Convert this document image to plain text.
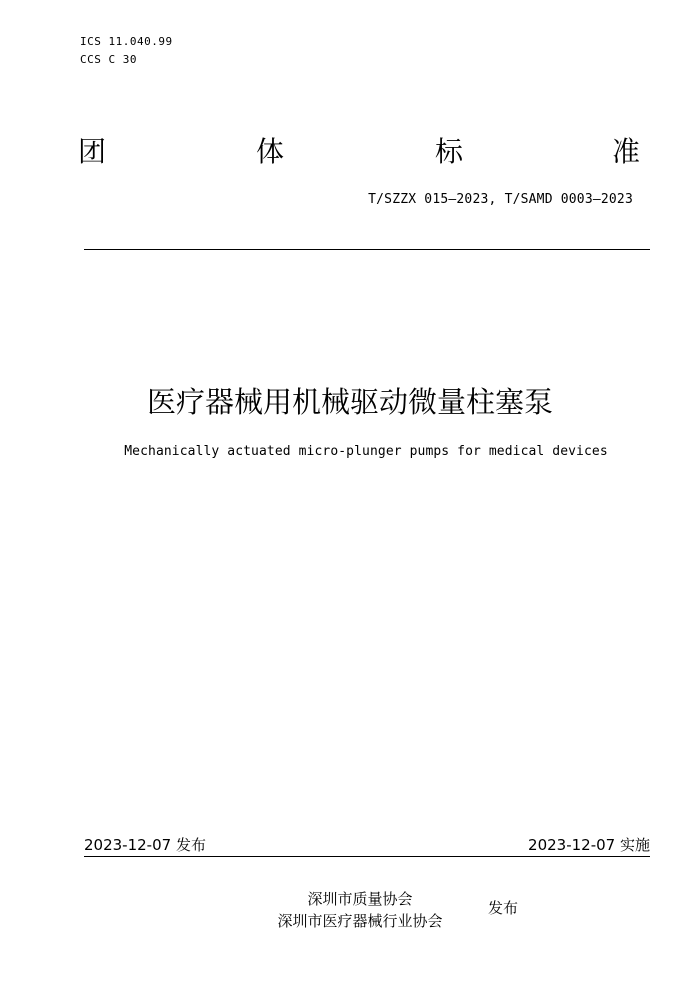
ICS 11.040.99
CCS C 30
团	体	标	准
T/SZZX 015—2023, T/SAMD 0003—2023
医疗器械用机械驱动微量柱塞泵
Mechanically actuated micro-plunger pumps for medical devices
2023-12-07 发布	2023-12-07 实施
深圳市质量协会
深圳市医疗器械行业协会
发布
